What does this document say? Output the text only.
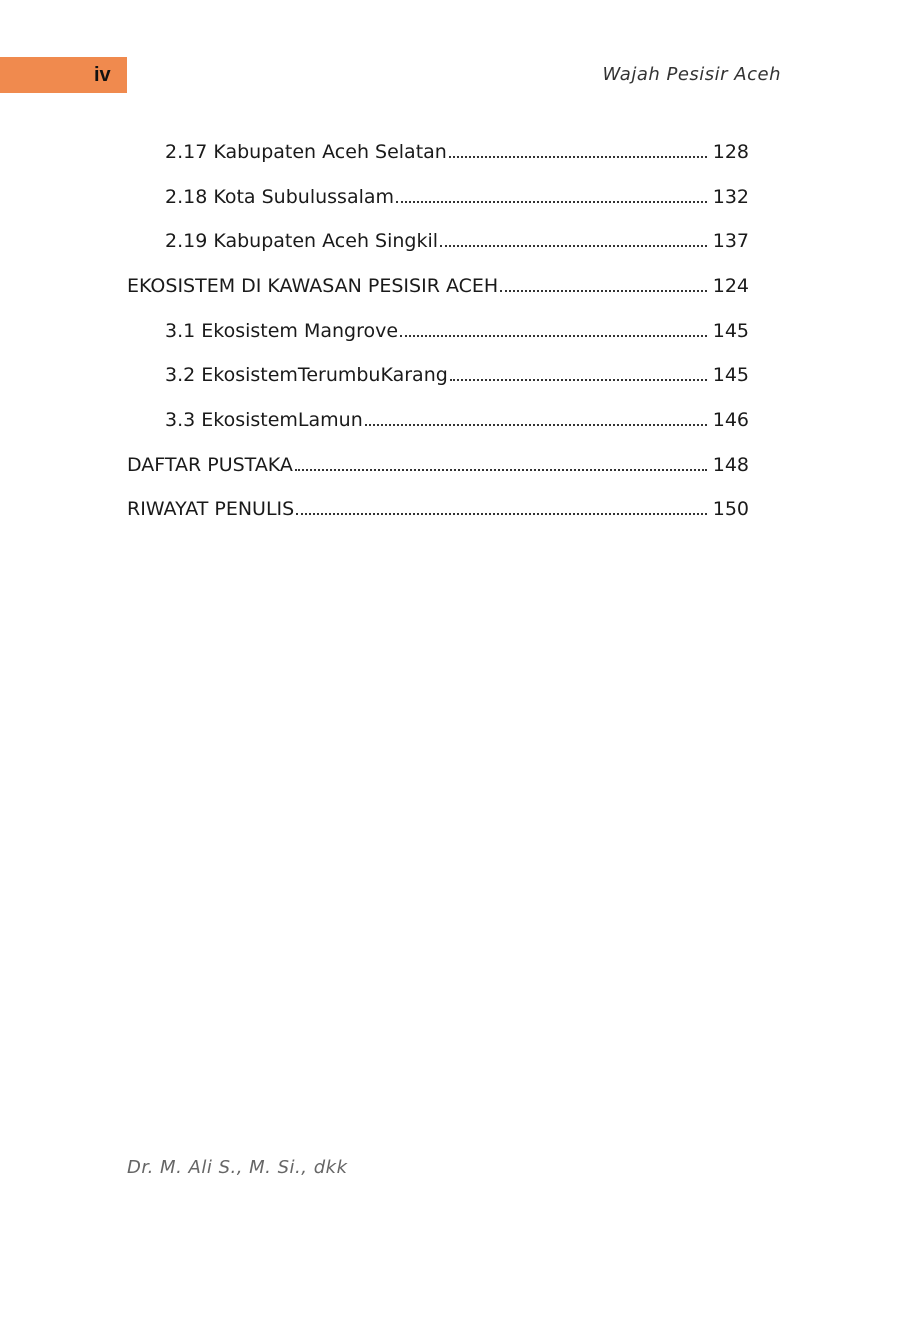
iv	Wajah Pesisir Aceh
2.17 Kabupaten Aceh Selatan	128
2.18 Kota Subulussalam	132
2.19 Kabupaten Aceh Singkil	137
EKOSISTEM DI KAWASAN PESISIR ACEH	124
3.1 Ekosistem Mangrove	145
3.2 EkosistemTerumbuKarang	145
3.3 EkosistemLamun	146
DAFTAR PUSTAKA	148
RIWAYAT PENULIS	150
Dr. M. Ali S., M. Si., dkk
